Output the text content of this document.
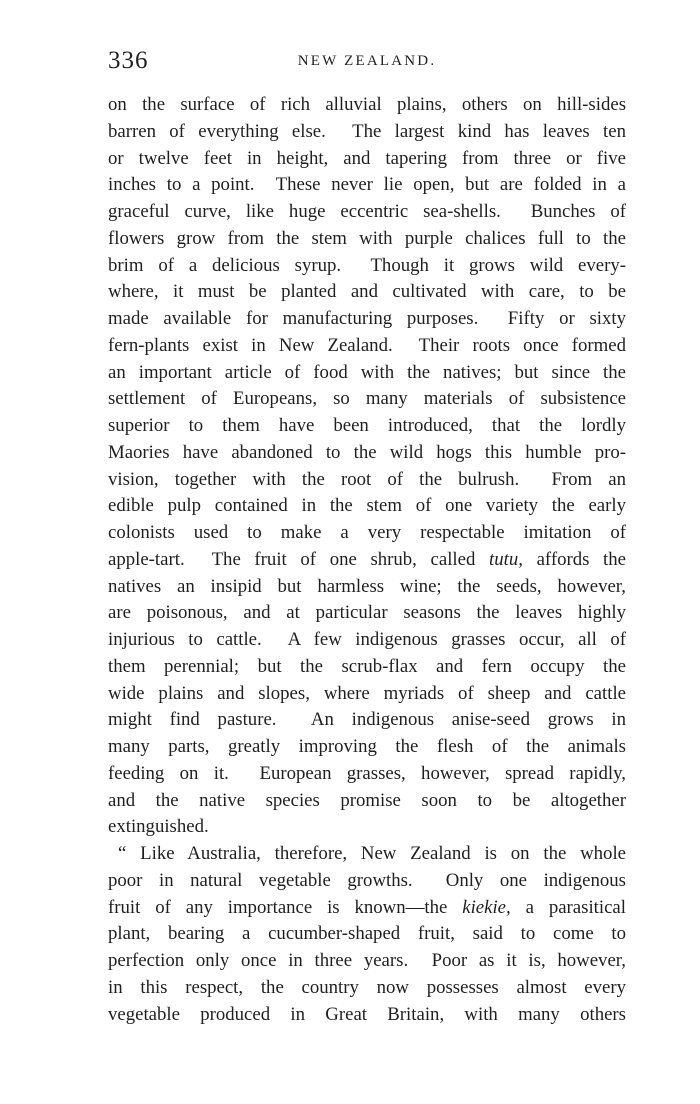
336	NEW ZEALAND.
on the surface of rich alluvial plains, others on hill-sides
barren of everything else.  The largest kind has leaves ten
or twelve feet in height, and tapering from three or five
inches to a point.  These never lie open, but are folded in a
graceful curve, like huge eccentric sea-shells.  Bunches of
flowers grow from the stem with purple chalices full to the
brim of a delicious syrup.  Though it grows wild every-
where, it must be planted and cultivated with care, to be
made available for manufacturing purposes.  Fifty or sixty
fern-plants exist in New Zealand.  Their roots once formed
an important article of food with the natives; but since the
settlement of Europeans, so many materials of subsistence
superior to them have been introduced, that the lordly
Maories have abandoned to the wild hogs this humble pro-
vision, together with the root of the bulrush.  From an
edible pulp contained in the stem of one variety the early
colonists used to make a very respectable imitation of
apple-tart.  The fruit of one shrub, called tutu, affords the
natives an insipid but harmless wine; the seeds, however,
are poisonous, and at particular seasons the leaves highly
injurious to cattle.  A few indigenous grasses occur, all of
them perennial; but the scrub-flax and fern occupy the
wide plains and slopes, where myriads of sheep and cattle
might find pasture.  An indigenous anise-seed grows in
many parts, greatly improving the flesh of the animals
feeding on it.  European grasses, however, spread rapidly,
and the native species promise soon to be altogether
extinguished.
“ Like Australia, therefore, New Zealand is on the whole
poor in natural vegetable growths.  Only one indigenous
fruit of any importance is known—the kiekie, a parasitical
plant, bearing a cucumber-shaped fruit, said to come to
perfection only once in three years.  Poor as it is, however,
in this respect, the country now possesses almost every
vegetable produced in Great Britain, with many others
